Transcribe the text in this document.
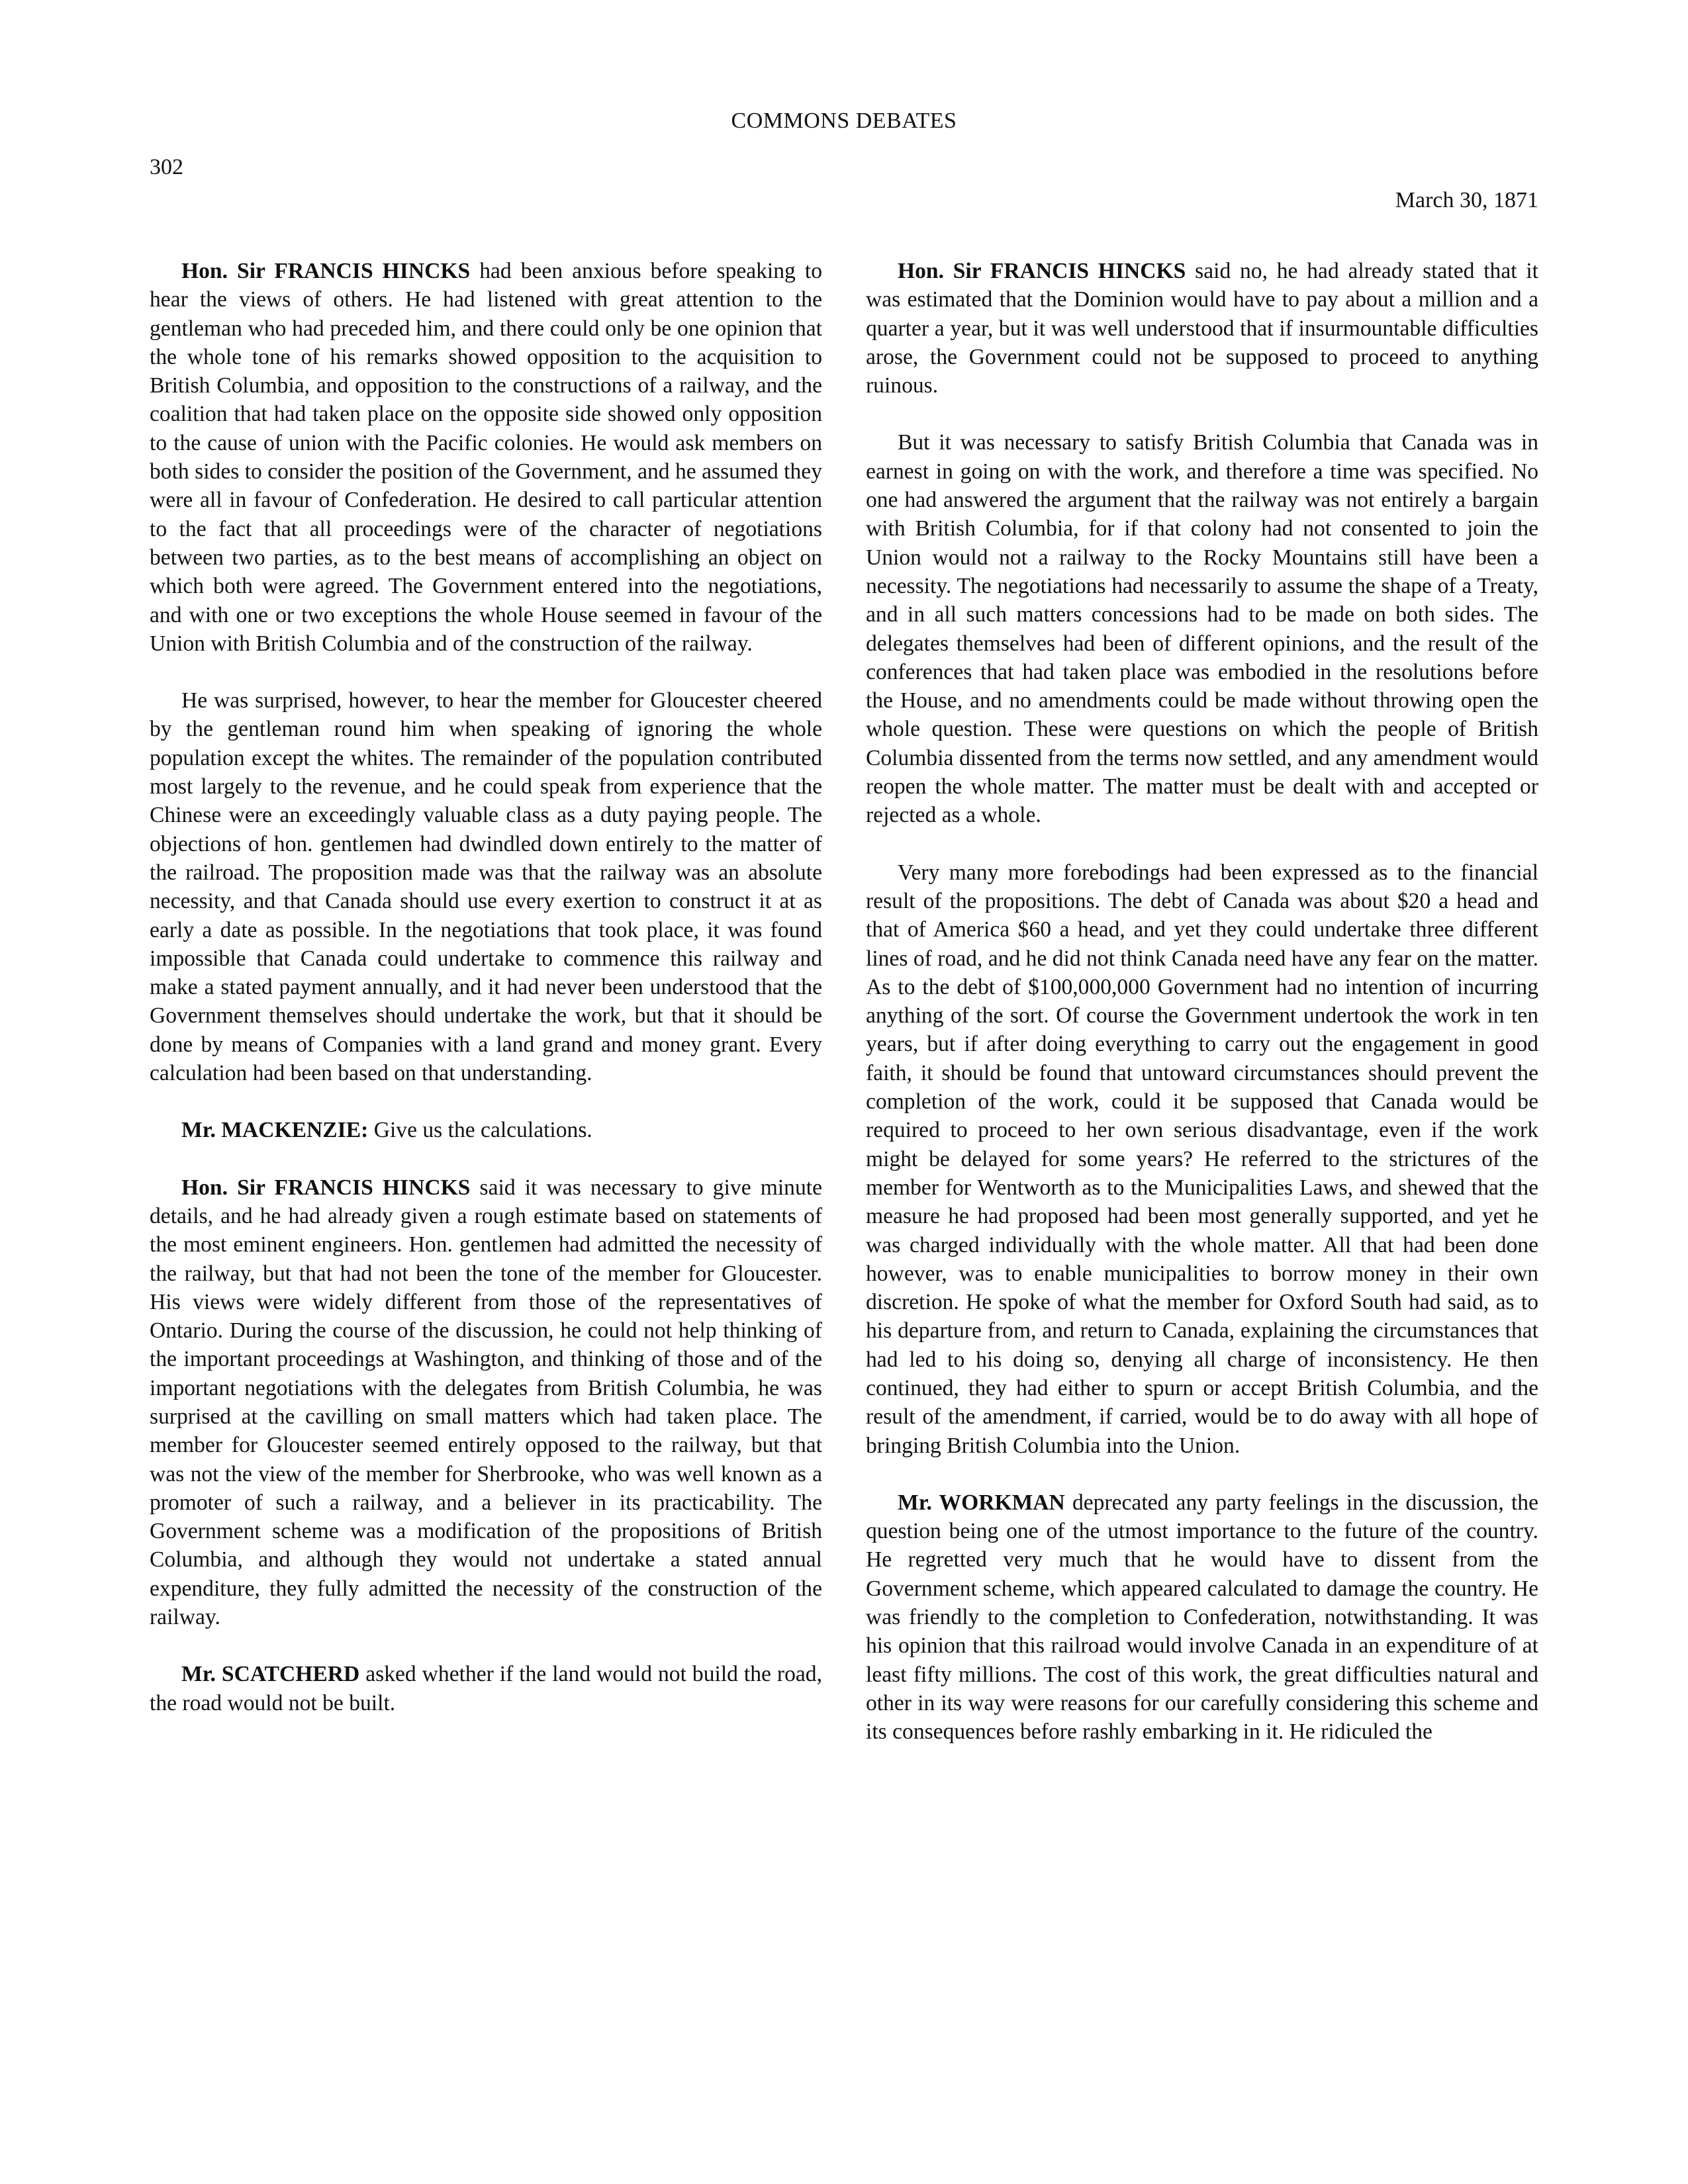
COMMONS DEBATES
302
March 30, 1871

Hon. Sir FRANCIS HINCKS had been anxious before speaking to hear the views of others. He had listened with great attention to the gentleman who had preceded him, and there could only be one opinion that the whole tone of his remarks showed opposition to the acquisition to British Columbia, and opposition to the constructions of a railway, and the coalition that had taken place on the opposite side showed only opposition to the cause of union with the Pacific colonies. He would ask members on both sides to consider the position of the Government, and he assumed they were all in favour of Confederation. He desired to call particular attention to the fact that all proceedings were of the character of negotiations between two parties, as to the best means of accomplishing an object on which both were agreed. The Government entered into the negotiations, and with one or two exceptions the whole House seemed in favour of the Union with British Columbia and of the construction of the railway.

He was surprised, however, to hear the member for Gloucester cheered by the gentleman round him when speaking of ignoring the whole population except the whites. The remainder of the population contributed most largely to the revenue, and he could speak from experience that the Chinese were an exceedingly valuable class as a duty paying people. The objections of hon. gentlemen had dwindled down entirely to the matter of the railroad. The proposition made was that the railway was an absolute necessity, and that Canada should use every exertion to construct it at as early a date as possible. In the negotiations that took place, it was found impossible that Canada could undertake to commence this railway and make a stated payment annually, and it had never been understood that the Government themselves should undertake the work, but that it should be done by means of Companies with a land grand and money grant. Every calculation had been based on that understanding.

Mr. MACKENZIE: Give us the calculations.

Hon. Sir FRANCIS HINCKS said it was necessary to give minute details, and he had already given a rough estimate based on statements of the most eminent engineers. Hon. gentlemen had admitted the necessity of the railway, but that had not been the tone of the member for Gloucester. His views were widely different from those of the representatives of Ontario. During the course of the discussion, he could not help thinking of the important proceedings at Washington, and thinking of those and of the important negotiations with the delegates from British Columbia, he was surprised at the cavilling on small matters which had taken place. The member for Gloucester seemed entirely opposed to the railway, but that was not the view of the member for Sherbrooke, who was well known as a promoter of such a railway, and a believer in its practicability. The Government scheme was a modification of the propositions of British Columbia, and although they would not undertake a stated annual expenditure, they fully admitted the necessity of the construction of the railway.

Mr. SCATCHERD asked whether if the land would not build the road, the road would not be built.

Hon. Sir FRANCIS HINCKS said no, he had already stated that it was estimated that the Dominion would have to pay about a million and a quarter a year, but it was well understood that if insurmountable difficulties arose, the Government could not be supposed to proceed to anything ruinous.

But it was necessary to satisfy British Columbia that Canada was in earnest in going on with the work, and therefore a time was specified. No one had answered the argument that the railway was not entirely a bargain with British Columbia, for if that colony had not consented to join the Union would not a railway to the Rocky Mountains still have been a necessity. The negotiations had necessarily to assume the shape of a Treaty, and in all such matters concessions had to be made on both sides. The delegates themselves had been of different opinions, and the result of the conferences that had taken place was embodied in the resolutions before the House, and no amendments could be made without throwing open the whole question. These were questions on which the people of British Columbia dissented from the terms now settled, and any amendment would reopen the whole matter. The matter must be dealt with and accepted or rejected as a whole.

Very many more forebodings had been expressed as to the financial result of the propositions. The debt of Canada was about $20 a head and that of America $60 a head, and yet they could undertake three different lines of road, and he did not think Canada need have any fear on the matter. As to the debt of $100,000,000 Government had no intention of incurring anything of the sort. Of course the Government undertook the work in ten years, but if after doing everything to carry out the engagement in good faith, it should be found that untoward circumstances should prevent the completion of the work, could it be supposed that Canada would be required to proceed to her own serious disadvantage, even if the work might be delayed for some years? He referred to the strictures of the member for Wentworth as to the Municipalities Laws, and shewed that the measure he had proposed had been most generally supported, and yet he was charged individually with the whole matter. All that had been done however, was to enable municipalities to borrow money in their own discretion. He spoke of what the member for Oxford South had said, as to his departure from, and return to Canada, explaining the circumstances that had led to his doing so, denying all charge of inconsistency. He then continued, they had either to spurn or accept British Columbia, and the result of the amendment, if carried, would be to do away with all hope of bringing British Columbia into the Union.

Mr. WORKMAN deprecated any party feelings in the discussion, the question being one of the utmost importance to the future of the country. He regretted very much that he would have to dissent from the Government scheme, which appeared calculated to damage the country. He was friendly to the completion to Confederation, notwithstanding. It was his opinion that this railroad would involve Canada in an expenditure of at least fifty millions. The cost of this work, the great difficulties natural and other in its way were reasons for our carefully considering this scheme and its consequences before rashly embarking in it. He ridiculed the
